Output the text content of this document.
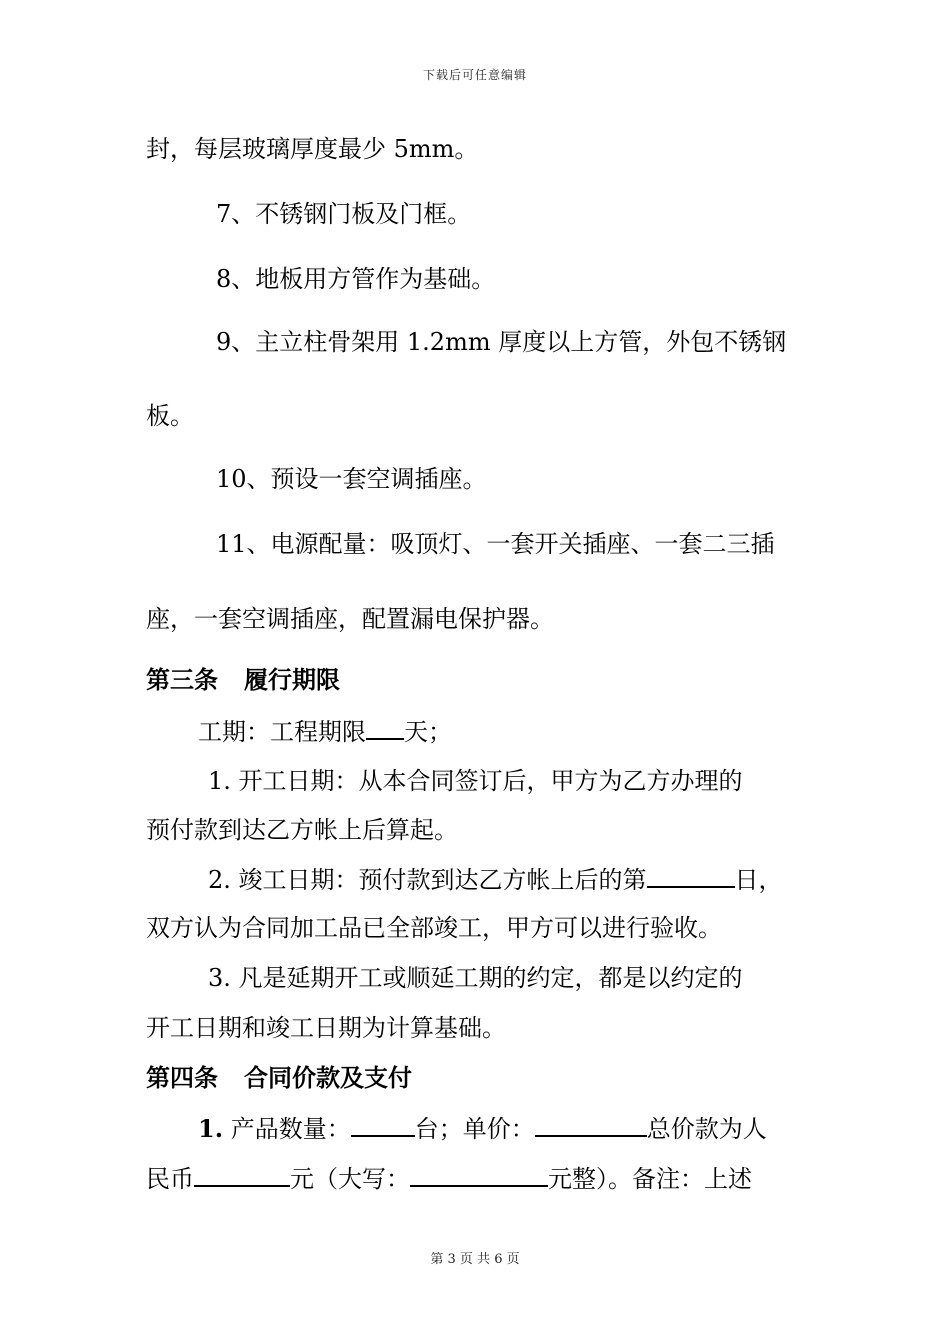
下载后可任意编辑
封，每层玻璃厚度最少 5mm。
7、不锈钢门板及门框。
8、地板用方管作为基础。
9、主立柱骨架用 1.2mm 厚度以上方管，外包不锈钢
板。
10、预设一套空调插座。
11、电源配量：吸顶灯、一套开关插座、一套二三插
座，一套空调插座，配置漏电保护器。
第三条 履行期限
工期：工程期限 天；
1. 开工日期：从本合同签订后，甲方为乙方办理的
预付款到达乙方帐上后算起。
2. 竣工日期：预付款到达乙方帐上后的第	日，
双方认为合同加工品已全部竣工，甲方可以进行验收。
3. 凡是延期开工或顺延工期的约定，都是以约定的
开工日期和竣工日期为计算基础。
第四条 合同价款及支付
1. 产品数量：	台；单价：	总价款为人
民币	元（大写：	元整）。备注：上述
第 3 页 共 6 页
